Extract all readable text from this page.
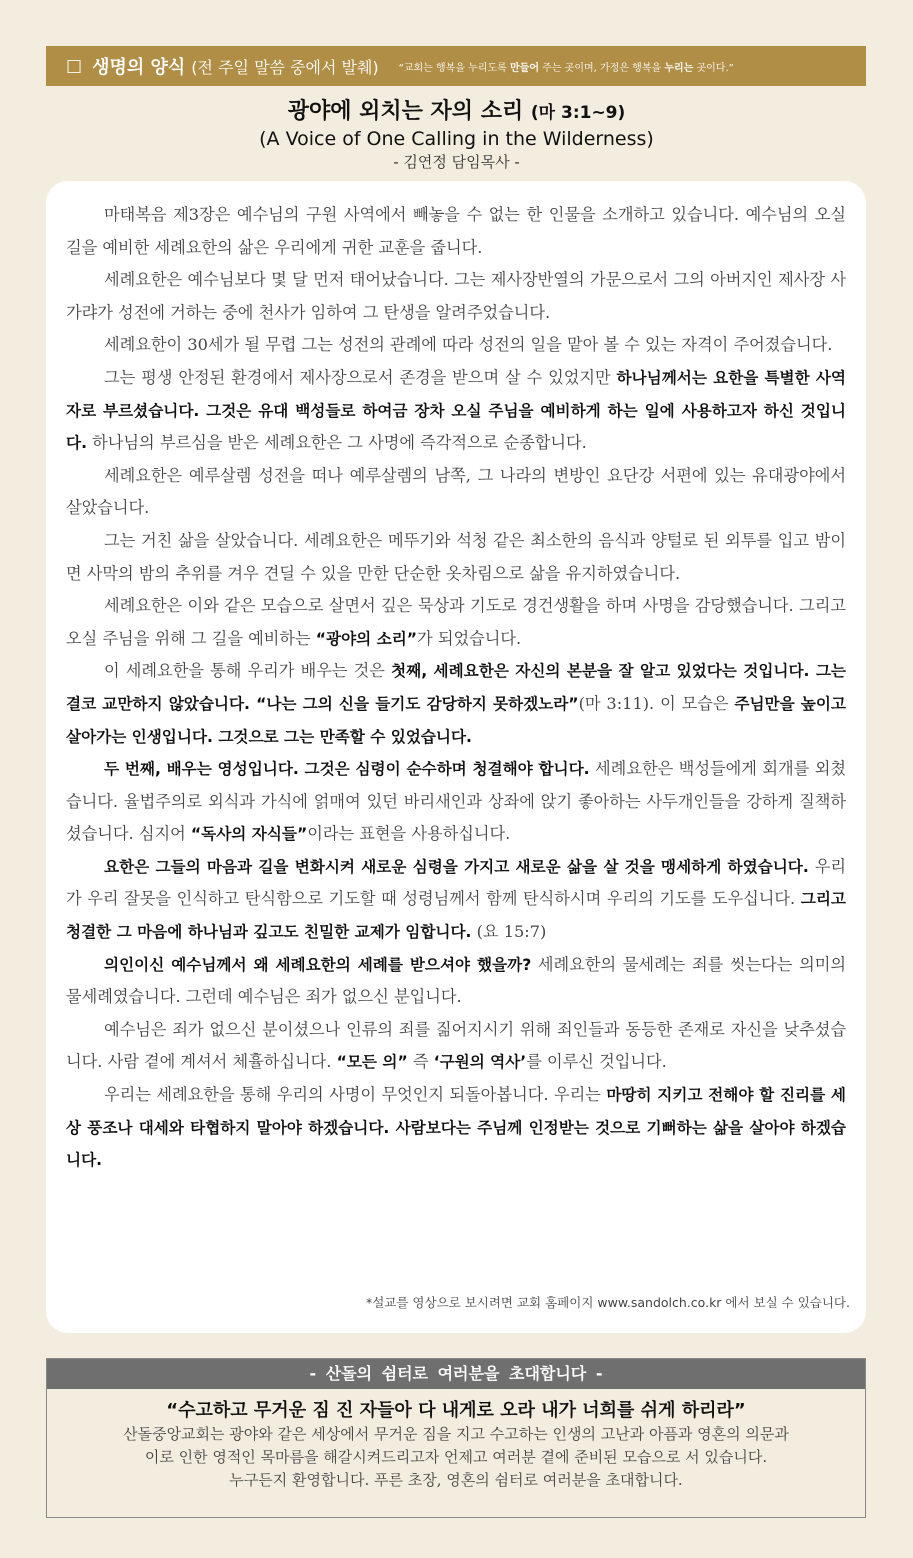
□ 생명의 양식 (전 주일 말씀 중에서 발췌) “교회는 행복을 누리도록 만들어 주는 곳이며, 가정은 행복을 누리는 곳이다.”
광야에 외치는 자의 소리 (마 3:1~9)
(A Voice of One Calling in the Wilderness)
- 김연정 담임목사 -

마태복음 제3장은 예수님의 구원 사역에서 빼놓을 수 없는 한 인물을 소개하고 있습니다. 예수님의 오실 길을 예비한 세례요한의 삶은 우리에게 귀한 교훈을 줍니다.

세례요한은 예수님보다 몇 달 먼저 태어났습니다. 그는 제사장반열의 가문으로서 그의 아버지인 제사장 사가랴가 성전에 거하는 중에 천사가 임하여 그 탄생을 알려주었습니다.

세례요한이 30세가 될 무렵 그는 성전의 관례에 따라 성전의 일을 맡아 볼 수 있는 자격이 주어졌습니다.

그는 평생 안정된 환경에서 제사장으로서 존경을 받으며 살 수 있었지만 하나님께서는 요한을 특별한 사역자로 부르셨습니다. 그것은 유대 백성들로 하여금 장차 오실 주님을 예비하게 하는 일에 사용하고자 하신 것입니다. 하나님의 부르심을 받은 세례요한은 그 사명에 즉각적으로 순종합니다.

세례요한은 예루살렘 성전을 떠나 예루살렘의 남쪽, 그 나라의 변방인 요단강 서편에 있는 유대광야에서 살았습니다.

그는 거친 삶을 살았습니다. 세례요한은 메뚜기와 석청 같은 최소한의 음식과 양털로 된 외투를 입고 밤이면 사막의 밤의 추위를 겨우 견딜 수 있을 만한 단순한 옷차림으로 삶을 유지하였습니다.

세례요한은 이와 같은 모습으로 살면서 깊은 묵상과 기도로 경건생활을 하며 사명을 감당했습니다. 그리고 오실 주님을 위해 그 길을 예비하는 “광야의 소리”가 되었습니다.

이 세례요한을 통해 우리가 배우는 것은 첫째, 세례요한은 자신의 본분을 잘 알고 있었다는 것입니다. 그는 결코 교만하지 않았습니다. “나는 그의 신을 들기도 감당하지 못하겠노라”(마 3:11). 이 모습은 주님만을 높이고 살아가는 인생입니다. 그것으로 그는 만족할 수 있었습니다.

두 번째, 배우는 영성입니다. 그것은 심령이 순수하며 청결해야 합니다. 세례요한은 백성들에게 회개를 외쳤습니다. 율법주의로 외식과 가식에 얽매여 있던 바리새인과 상좌에 앉기 좋아하는 사두개인들을 강하게 질책하셨습니다. 심지어 “독사의 자식들”이라는 표현을 사용하십니다.

요한은 그들의 마음과 길을 변화시켜 새로운 심령을 가지고 새로운 삶을 살 것을 맹세하게 하였습니다. 우리가 우리 잘못을 인식하고 탄식함으로 기도할 때 성령님께서 함께 탄식하시며 우리의 기도를 도우십니다. 그리고 청결한 그 마음에 하나님과 깊고도 친밀한 교제가 임합니다. (요 15:7)

의인이신 예수님께서 왜 세례요한의 세례를 받으셔야 했을까? 세례요한의 물세례는 죄를 씻는다는 의미의 물세례였습니다. 그런데 예수님은 죄가 없으신 분입니다.

예수님은 죄가 없으신 분이셨으나 인류의 죄를 짊어지시기 위해 죄인들과 동등한 존재로 자신을 낮추셨습니다. 사람 곁에 계셔서 체휼하십니다. “모든 의” 즉 ‘구원의 역사’를 이루신 것입니다.

우리는 세례요한을 통해 우리의 사명이 무엇인지 되돌아봅니다. 우리는 마땅히 지키고 전해야 할 진리를 세상 풍조나 대세와 타협하지 말아야 하겠습니다. 사람보다는 주님께 인정받는 것으로 기뻐하는 삶을 살아야 하겠습니다.

*설교를 영상으로 보시려면 교회 홈페이지 www.sandolch.co.kr 에서 보실 수 있습니다.
- 산돌의 쉼터로 여러분을 초대합니다 -
“수고하고 무거운 짐 진 자들아 다 내게로 오라 내가 너희를 쉬게 하리라”
산돌중앙교회는 광야와 같은 세상에서 무거운 짐을 지고 수고하는 인생의 고난과 아픔과 영혼의 의문과
이로 인한 영적인 목마름을 해갈시켜드리고자 언제고 여러분 곁에 준비된 모습으로 서 있습니다.
누구든지 환영합니다. 푸른 초장, 영혼의 쉼터로 여러분을 초대합니다.
